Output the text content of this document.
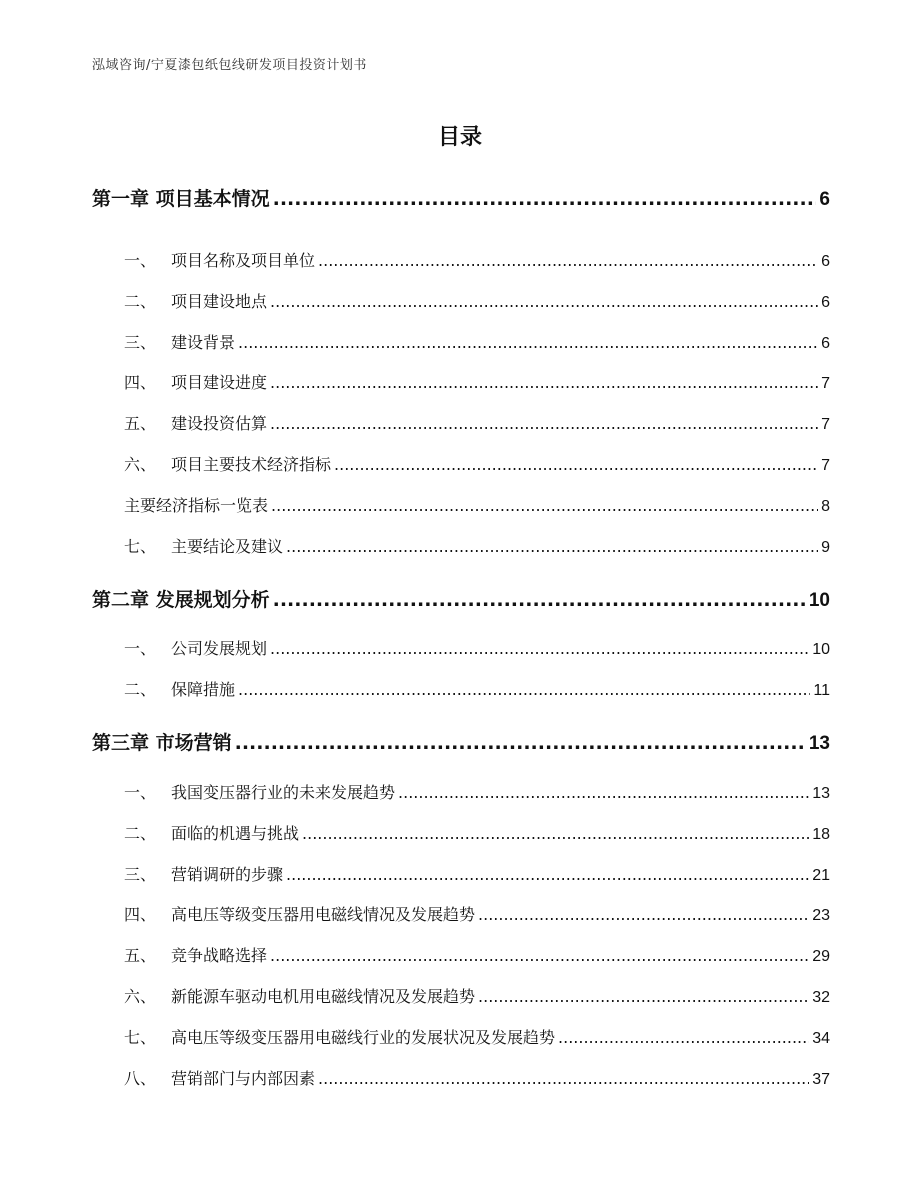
泓域咨询/宁夏漆包纸包线研发项目投资计划书
目录
第一章 项目基本情况 .....	6
一、 项目名称及项目单位 .....	6
二、 项目建设地点 .....	6
三、 建设背景 .....	6
四、 项目建设进度 .....	7
五、 建设投资估算 .....	7
六、 项目主要技术经济指标 .....	7
主要经济指标一览表 .....	8
七、 主要结论及建议 .....	9
第二章 发展规划分析 .....	10
一、 公司发展规划 .....	10
二、 保障措施 .....	11
第三章 市场营销 .....	13
一、 我国变压器行业的未来发展趋势 .....	13
二、 面临的机遇与挑战 .....	18
三、 营销调研的步骤 .....	21
四、 高电压等级变压器用电磁线情况及发展趋势 .....	23
五、 竞争战略选择 .....	29
六、 新能源车驱动电机用电磁线情况及发展趋势 .....	32
七、 高电压等级变压器用电磁线行业的发展状况及发展趋势 .....	34
八、 营销部门与内部因素 .....	37
